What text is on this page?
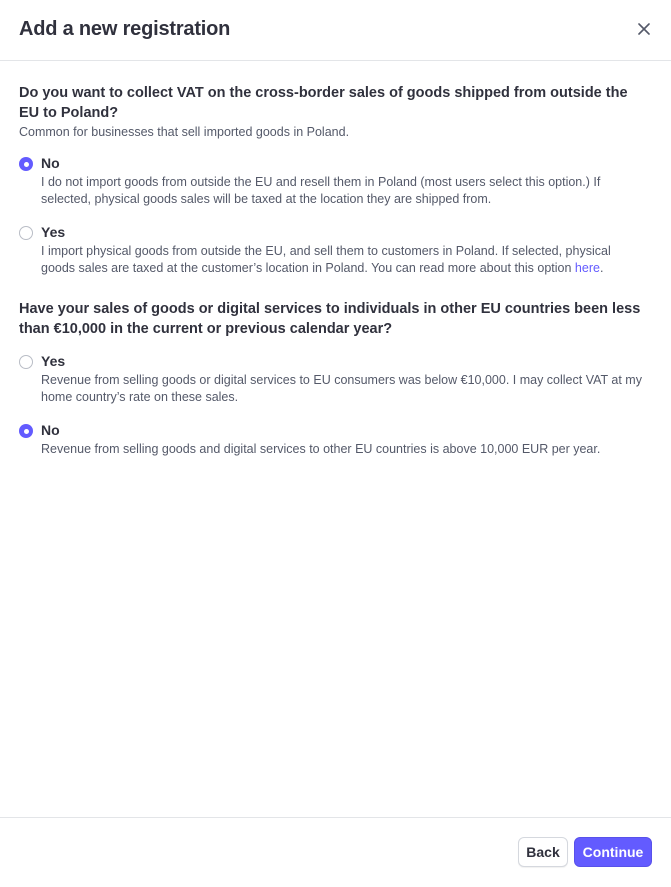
Add a new registration
Do you want to collect VAT on the cross-border sales of goods shipped from outside the EU to Poland?
Common for businesses that sell imported goods in Poland.
No
I do not import goods from outside the EU and resell them in Poland (most users select this option.) If selected, physical goods sales will be taxed at the location they are shipped from.
Yes
I import physical goods from outside the EU, and sell them to customers in Poland. If selected, physical goods sales are taxed at the customer’s location in Poland. You can read more about this option here.
Have your sales of goods or digital services to individuals in other EU countries been less than €10,000 in the current or previous calendar year?
Yes
Revenue from selling goods or digital services to EU consumers was below €10,000. I may collect VAT at my home country’s rate on these sales.
No
Revenue from selling goods and digital services to other EU countries is above 10,000 EUR per year.
Back	Continue
